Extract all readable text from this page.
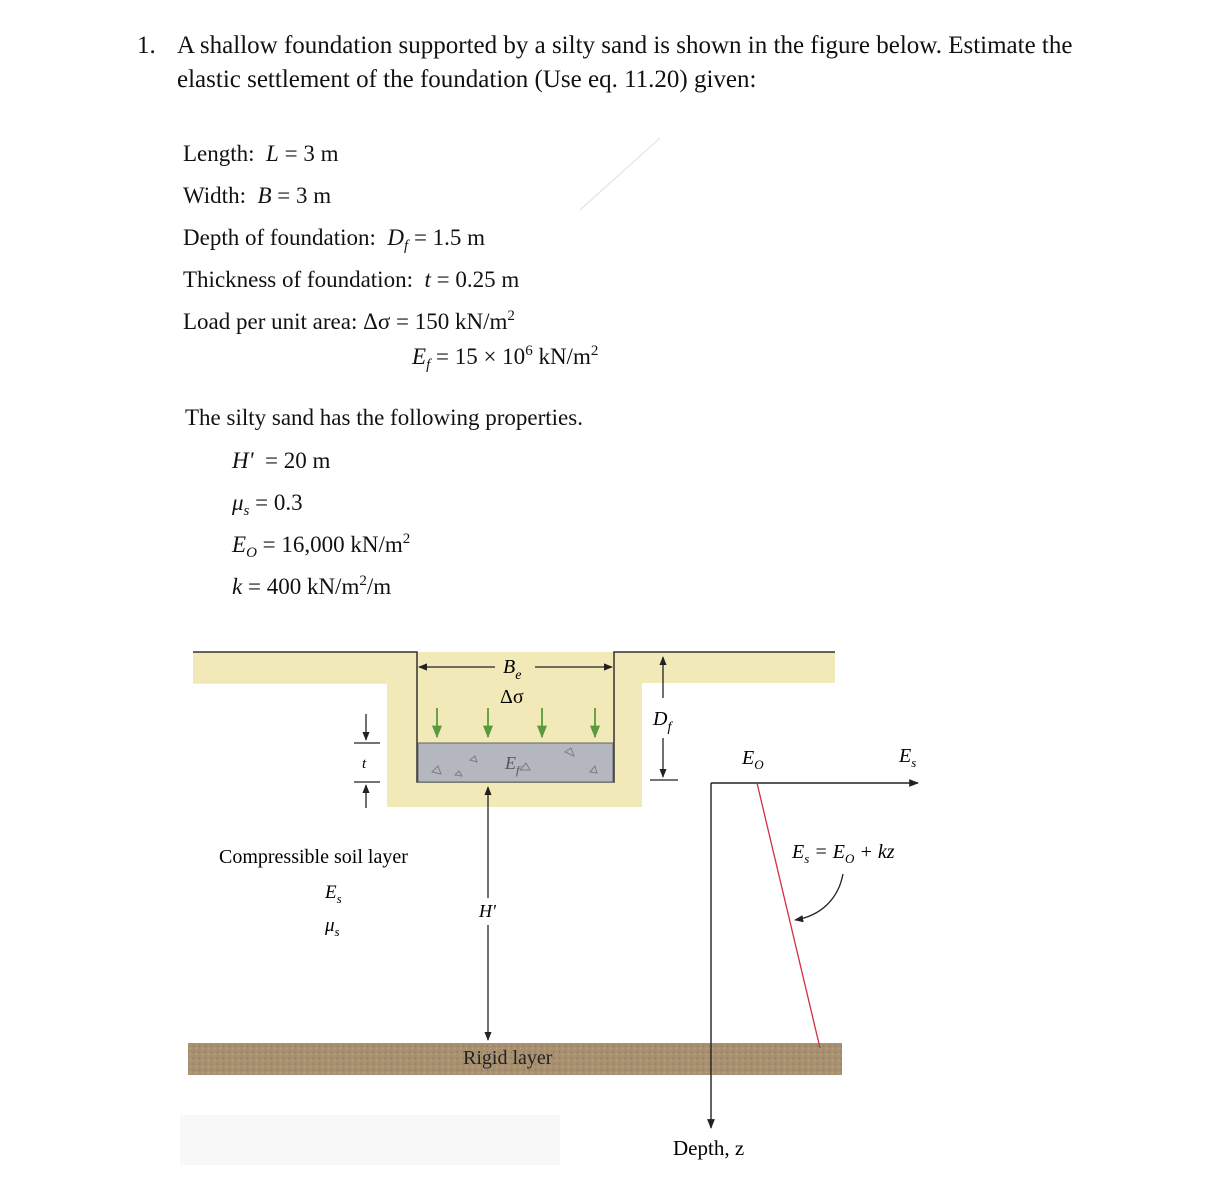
1. A shallow foundation supported by a silty sand is shown in the figure below. Estimate the
elastic settlement of the foundation (Use eq. 11.20) given:
Length: L = 3 m
Width: B = 3 m
Depth of foundation: $D_f = 1.5$ m
Thickness of foundation: t = 0.25 m
Load per unit area: Δσ = 150 $kN/m^2$
$E_f = 15 \times 10^6$ $kN/m^2$
The silty sand has the following properties.
H' = 20 m
$\mu_s = 0.3$
$E_O = 16,000$ $kN/m^2$
k = 400 $kN/m^2/m$
$B_e$
Δσ
$E_f$
$D_f$
t
H'
Compressible soil layer
$E_s$
$\mu_s$
Rigid layer
$E_O$	$E_s$
$E_s = E_O$ + kz
Depth, z
